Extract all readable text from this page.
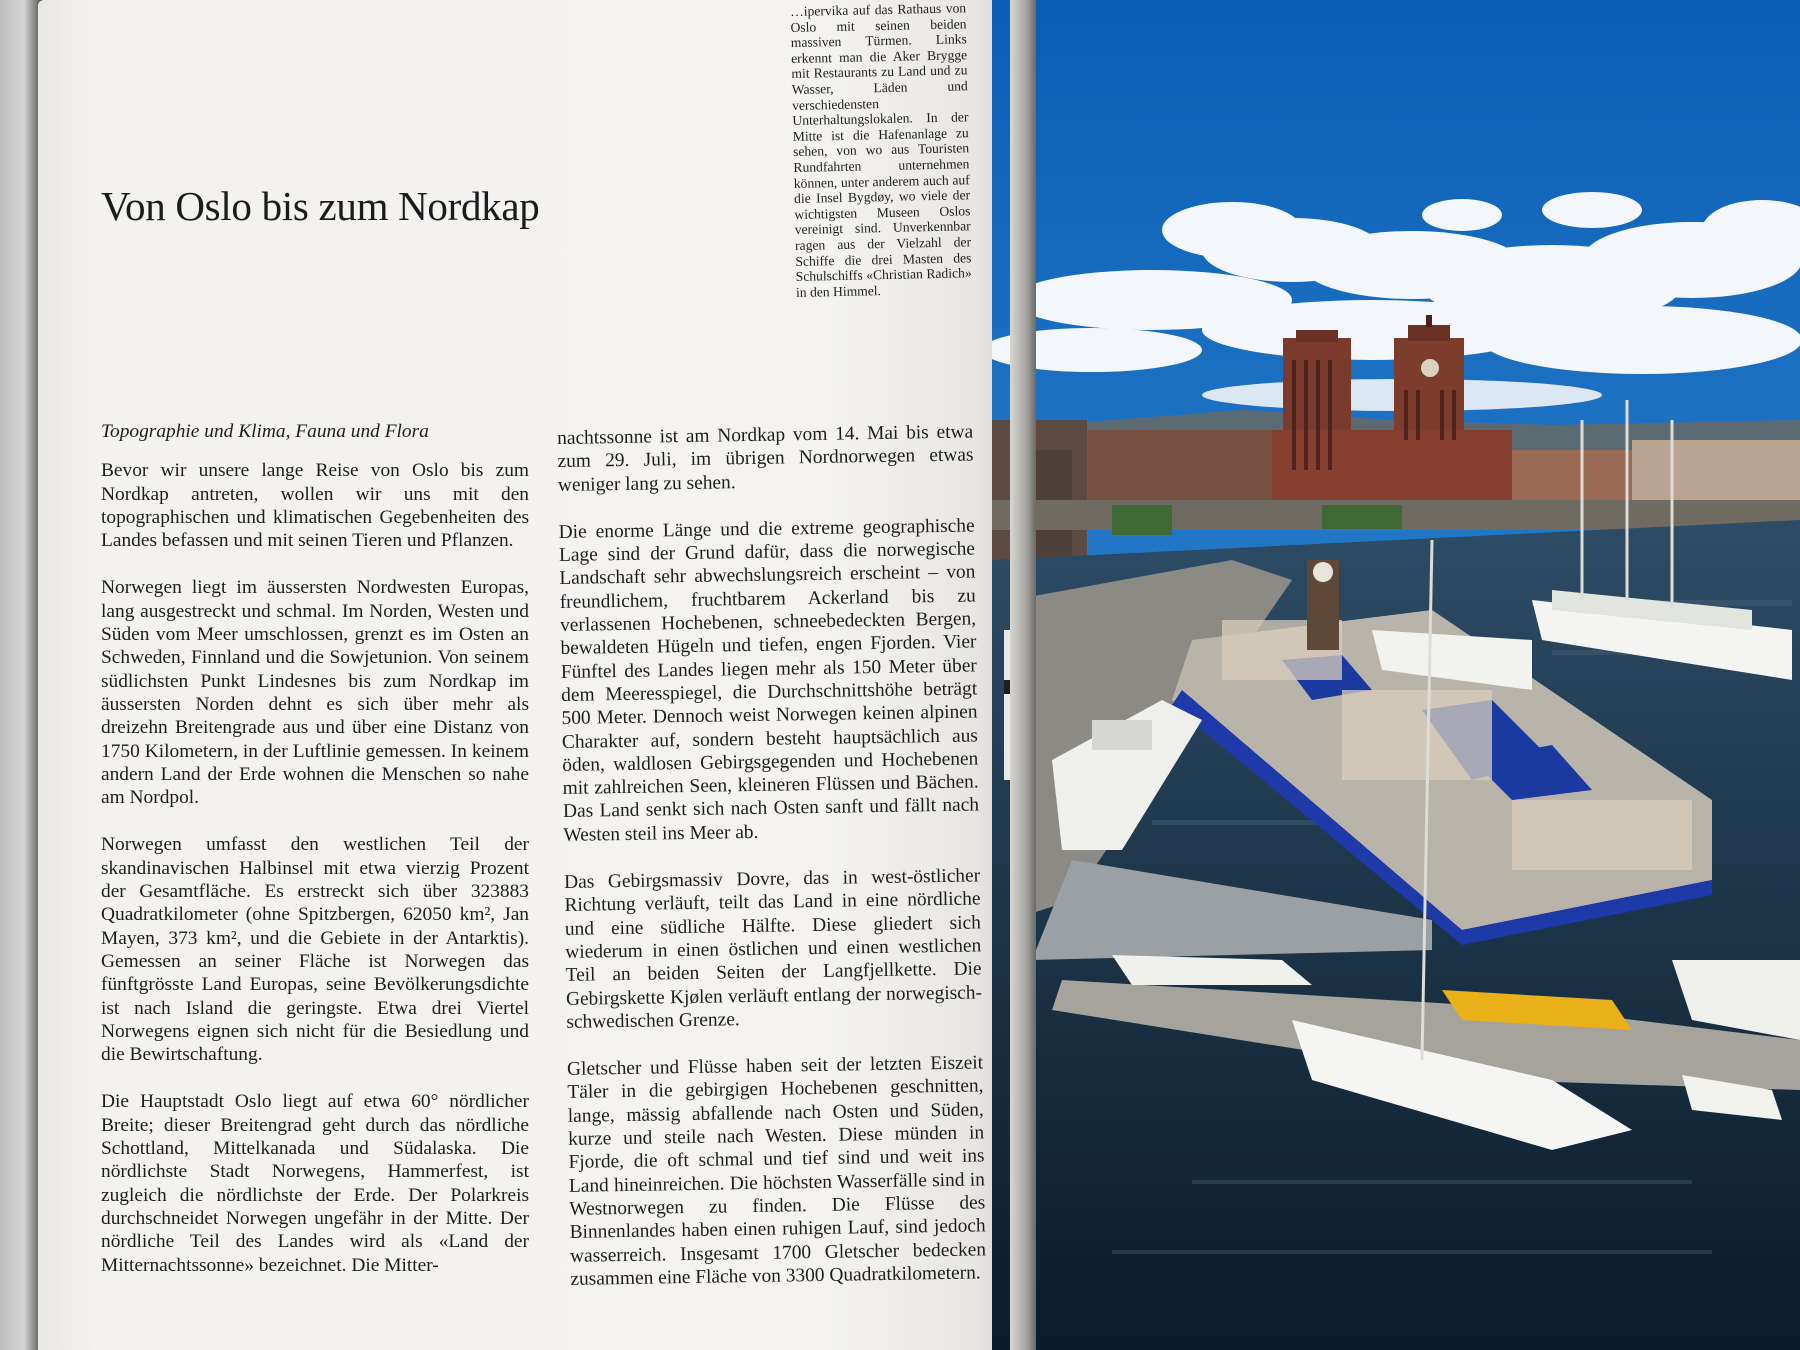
Von Oslo bis zum Nordkap
…ipervika auf das Rathaus von Oslo mit seinen beiden massiven Türmen. Links erkennt man die Aker Brygge mit Restaurants zu Land und zu Wasser, Läden und verschiedensten Unterhaltungslokalen. In der Mitte ist die Hafenanlage zu sehen, von wo aus Touristen Rundfahrten unternehmen können, unter anderem auch auf die Insel Bygdøy, wo viele der wichtigsten Museen Oslos vereinigt sind. Unverkennbar ragen aus der Vielzahl der Schiffe die drei Masten des Schulschiffs «Christian Radich» in den Himmel.

Topographie und Klima, Fauna und Flora

Bevor wir unsere lange Reise von Oslo bis zum Nordkap antreten, wollen wir uns mit den topographischen und klimatischen Gegebenheiten des Landes befassen und mit seinen Tieren und Pflanzen.

Norwegen liegt im äussersten Nordwesten Europas, lang ausgestreckt und schmal. Im Norden, Westen und Süden vom Meer umschlossen, grenzt es im Osten an Schweden, Finnland und die Sowjetunion. Von seinem südlichsten Punkt Lindesnes bis zum Nordkap im äussersten Norden dehnt es sich über mehr als dreizehn Breitengrade aus und über eine Distanz von 1750 Kilometern, in der Luftlinie gemessen. In keinem andern Land der Erde wohnen die Menschen so nahe am Nordpol.

Norwegen umfasst den westlichen Teil der skandinavischen Halbinsel mit etwa vierzig Prozent der Gesamtfläche. Es erstreckt sich über 323883 Quadratkilometer (ohne Spitzbergen, 62050 km², Jan Mayen, 373 km², und die Gebiete in der Antarktis). Gemessen an seiner Fläche ist Norwegen das fünftgrösste Land Europas, seine Bevölkerungsdichte ist nach Island die geringste. Etwa drei Viertel Norwegens eignen sich nicht für die Besiedlung und die Bewirtschaftung.

Die Hauptstadt Oslo liegt auf etwa 60° nördlicher Breite; dieser Breitengrad geht durch das nördliche Schottland, Mittelkanada und Südalaska. Die nördlichste Stadt Norwegens, Hammerfest, ist zugleich die nördlichste der Erde. Der Polarkreis durchschneidet Norwegen ungefähr in der Mitte. Der nördliche Teil des Landes wird als «Land der Mitternachtssonne» bezeichnet. Die Mitter-

nachtssonne ist am Nordkap vom 14. Mai bis etwa zum 29. Juli, im übrigen Nordnorwegen etwas weniger lang zu sehen.

Die enorme Länge und die extreme geographische Lage sind der Grund dafür, dass die norwegische Landschaft sehr abwechslungsreich erscheint – von freundlichem, fruchtbarem Ackerland bis zu verlassenen Hochebenen, schneebedeckten Bergen, bewaldeten Hügeln und tiefen, engen Fjorden. Vier Fünftel des Landes liegen mehr als 150 Meter über dem Meeresspiegel, die Durchschnittshöhe beträgt 500 Meter. Dennoch weist Norwegen keinen alpinen Charakter auf, sondern besteht hauptsächlich aus öden, waldlosen Gebirgsgegenden und Hochebenen mit zahlreichen Seen, kleineren Flüssen und Bächen. Das Land senkt sich nach Osten sanft und fällt nach Westen steil ins Meer ab.

Das Gebirgsmassiv Dovre, das in west-östlicher Richtung verläuft, teilt das Land in eine nördliche und eine südliche Hälfte. Diese gliedert sich wiederum in einen östlichen und einen westlichen Teil an beiden Seiten der Langfjellkette. Die Gebirgskette Kjølen verläuft entlang der norwegisch-schwedischen Grenze.

Gletscher und Flüsse haben seit der letzten Eiszeit Täler in die gebirgigen Hochebenen geschnitten, lange, mässig abfallende nach Osten und Süden, kurze und steile nach Westen. Diese münden in Fjorde, die oft schmal und tief sind und weit ins Land hineinreichen. Die höchsten Wasserfälle sind in Westnorwegen zu finden. Die Flüsse des Binnenlandes haben einen ruhigen Lauf, sind jedoch wasserreich. Insgesamt 1700 Gletscher bedecken zusammen eine Fläche von 3300 Quadratkilometern.
